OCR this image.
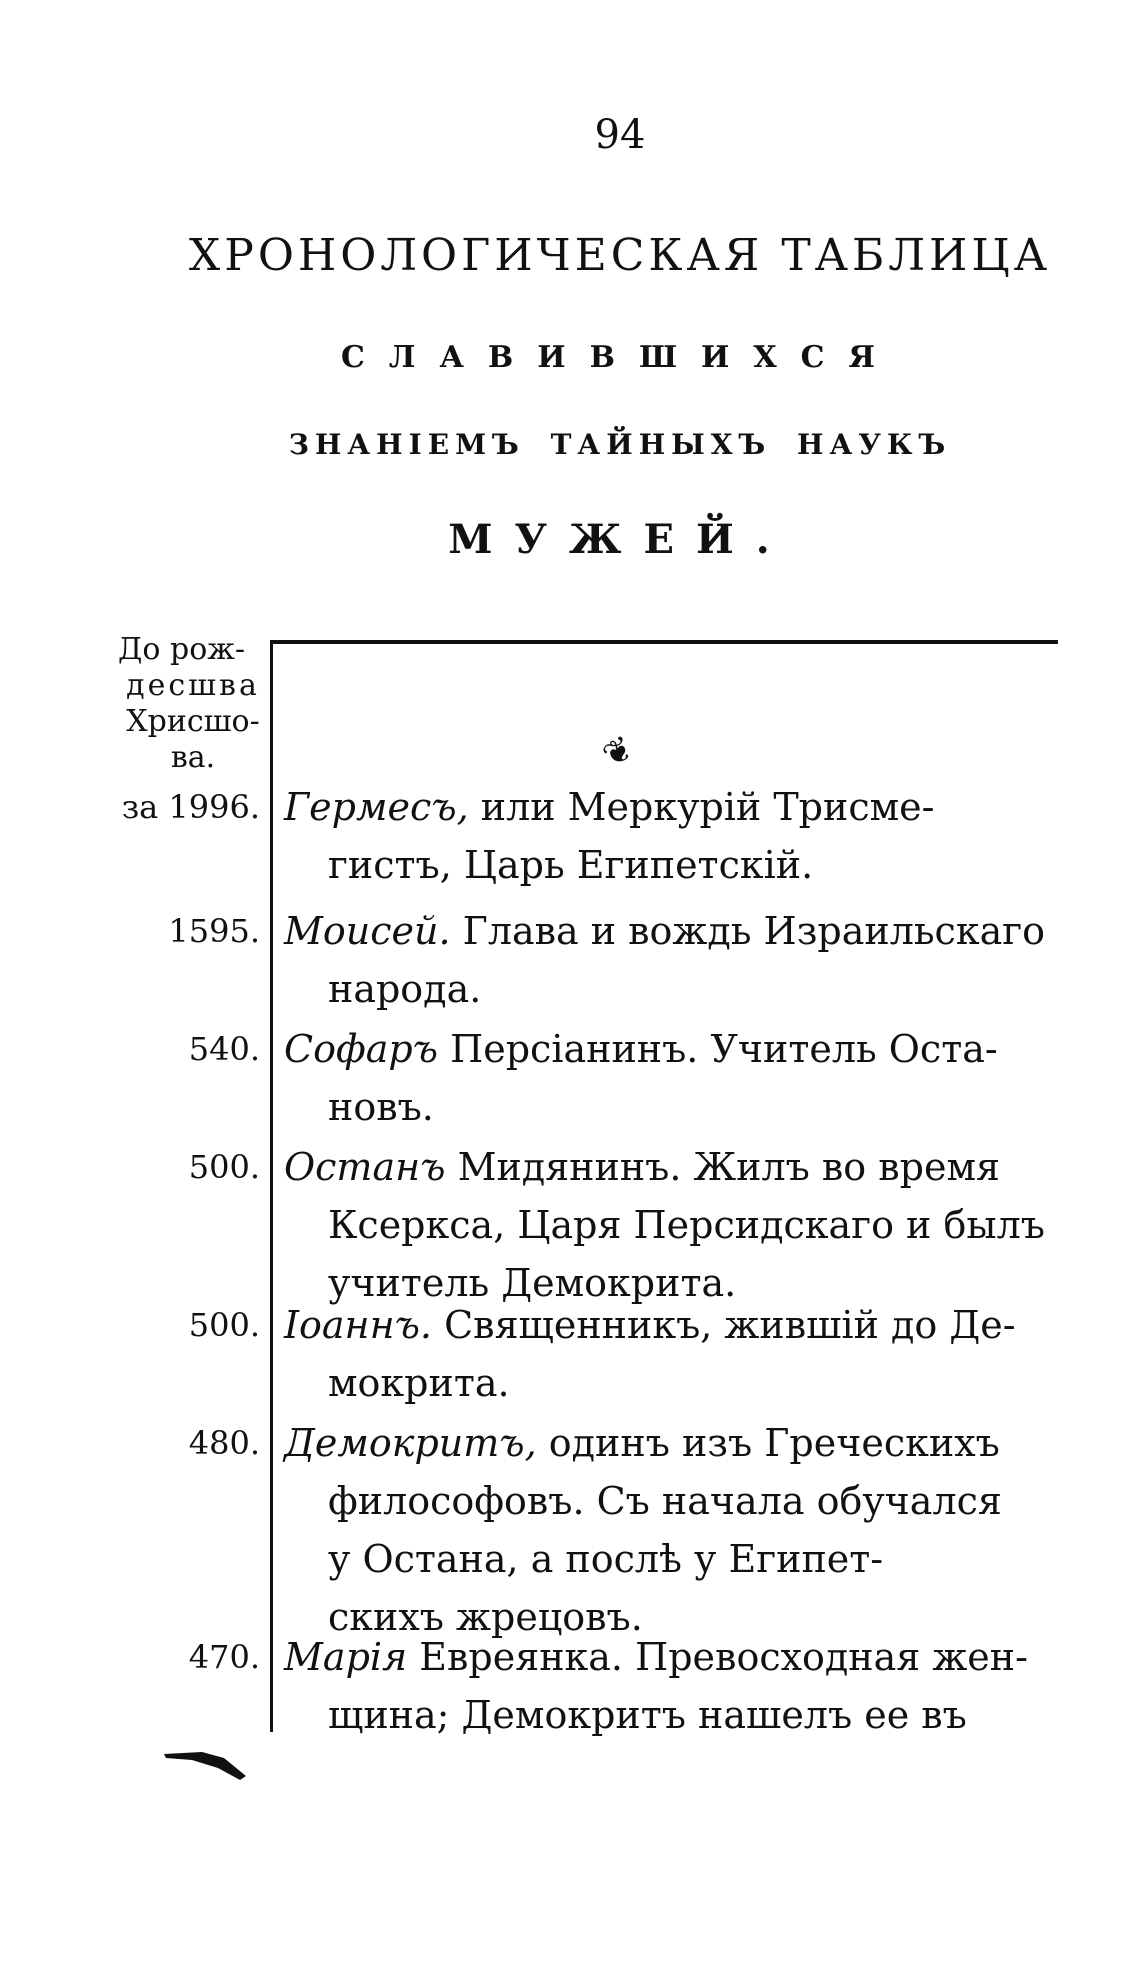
94
ХРОНОЛОГИЧЕСКАЯ ТАБЛИЦА
СЛАВИВШИХСЯ
ЗНАНІЕМЪ ТАЙНЫХЪ НАУКЪ
МУЖЕЙ.
До рож-
десшва
Хрисшо-
ва.	❦
за 1996. Гермесъ, или Меркурій Трисме-
гистъ, Царь Египетскій.
1595. Моисей. Глава и вождь Израильскаго
народа.
540. Софаръ Персіанинъ. Учитель Оста-
новъ.
500. Останъ Мидянинъ. Жилъ во время
Ксеркса, Царя Персидскаго и былъ
учитель Демокрита.
500. Іоаннъ. Священникъ, жившій до Де-
мокрита.
480. Демокритъ, одинъ изъ Греческихъ
философовъ. Съ начала обучался
у Останa, а послѣ у Египет-
скихъ жрецовъ.
470. Марія Евреянка. Превосходная жен-
щина; Демокритъ нашелъ ее въ
